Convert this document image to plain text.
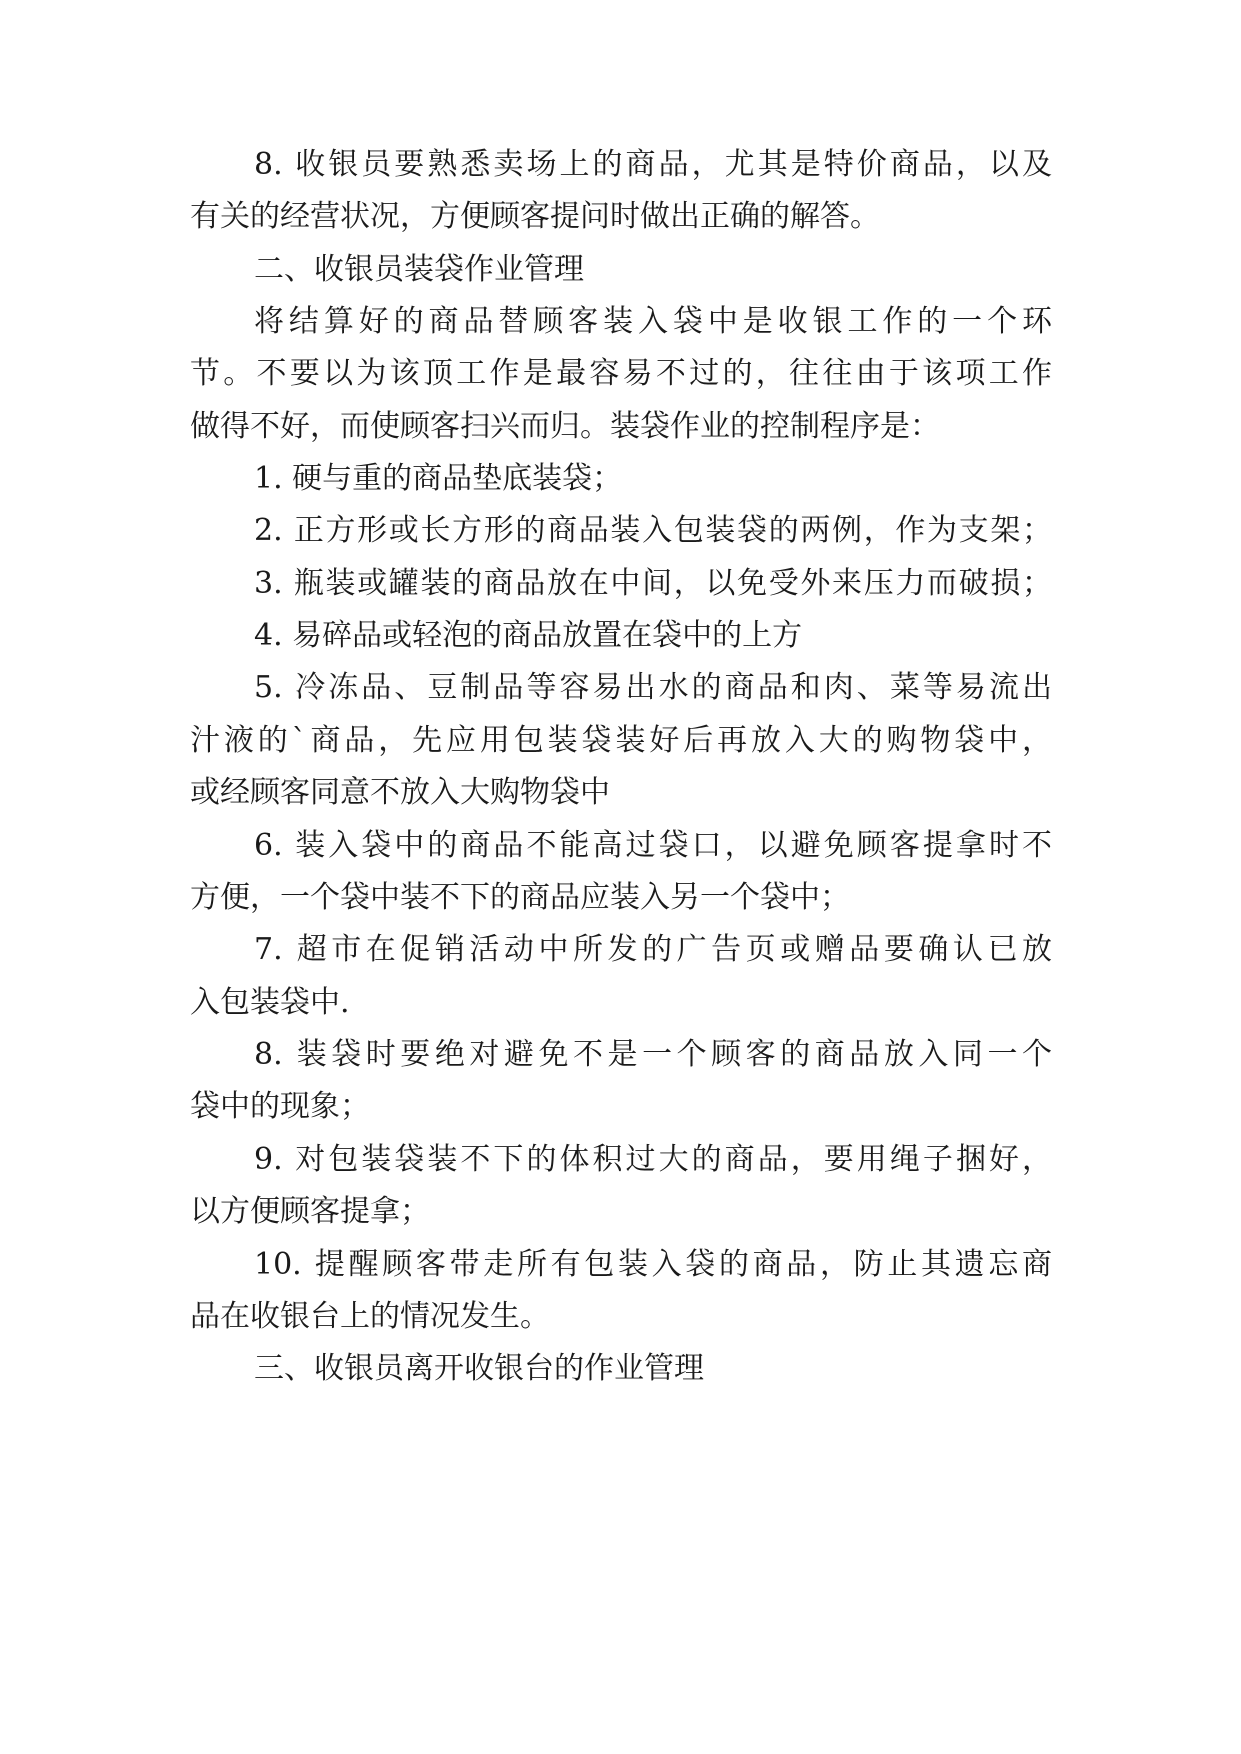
8. 收银员要熟悉卖场上的商品，尤其是特价商品，以及
有关的经营状况，方便顾客提问时做出正确的解答。
二、收银员装袋作业管理
将结算好的商品替顾客装入袋中是收银工作的一个环
节。不要以为该顶工作是最容易不过的，往往由于该项工作
做得不好，而使顾客扫兴而归。装袋作业的控制程序是：
1. 硬与重的商品垫底装袋；
2. 正方形或长方形的商品装入包装袋的两例，作为支架；
3. 瓶装或罐装的商品放在中间，以免受外来压力而破损；
4. 易碎品或轻泡的商品放置在袋中的上方
5. 冷冻品、豆制品等容易出水的商品和肉、菜等易流出
汁液的`商品，先应用包装袋装好后再放入大的购物袋中，
或经顾客同意不放入大购物袋中
6. 装入袋中的商品不能高过袋口，以避免顾客提拿时不
方便，一个袋中装不下的商品应装入另一个袋中；
7. 超市在促销活动中所发的广告页或赠品要确认已放
入包装袋中.
8. 装袋时要绝对避免不是一个顾客的商品放入同一个
袋中的现象；
9. 对包装袋装不下的体积过大的商品，要用绳子捆好，
以方便顾客提拿；
10. 提醒顾客带走所有包装入袋的商品，防止其遗忘商
品在收银台上的情况发生。
三、收银员离开收银台的作业管理
